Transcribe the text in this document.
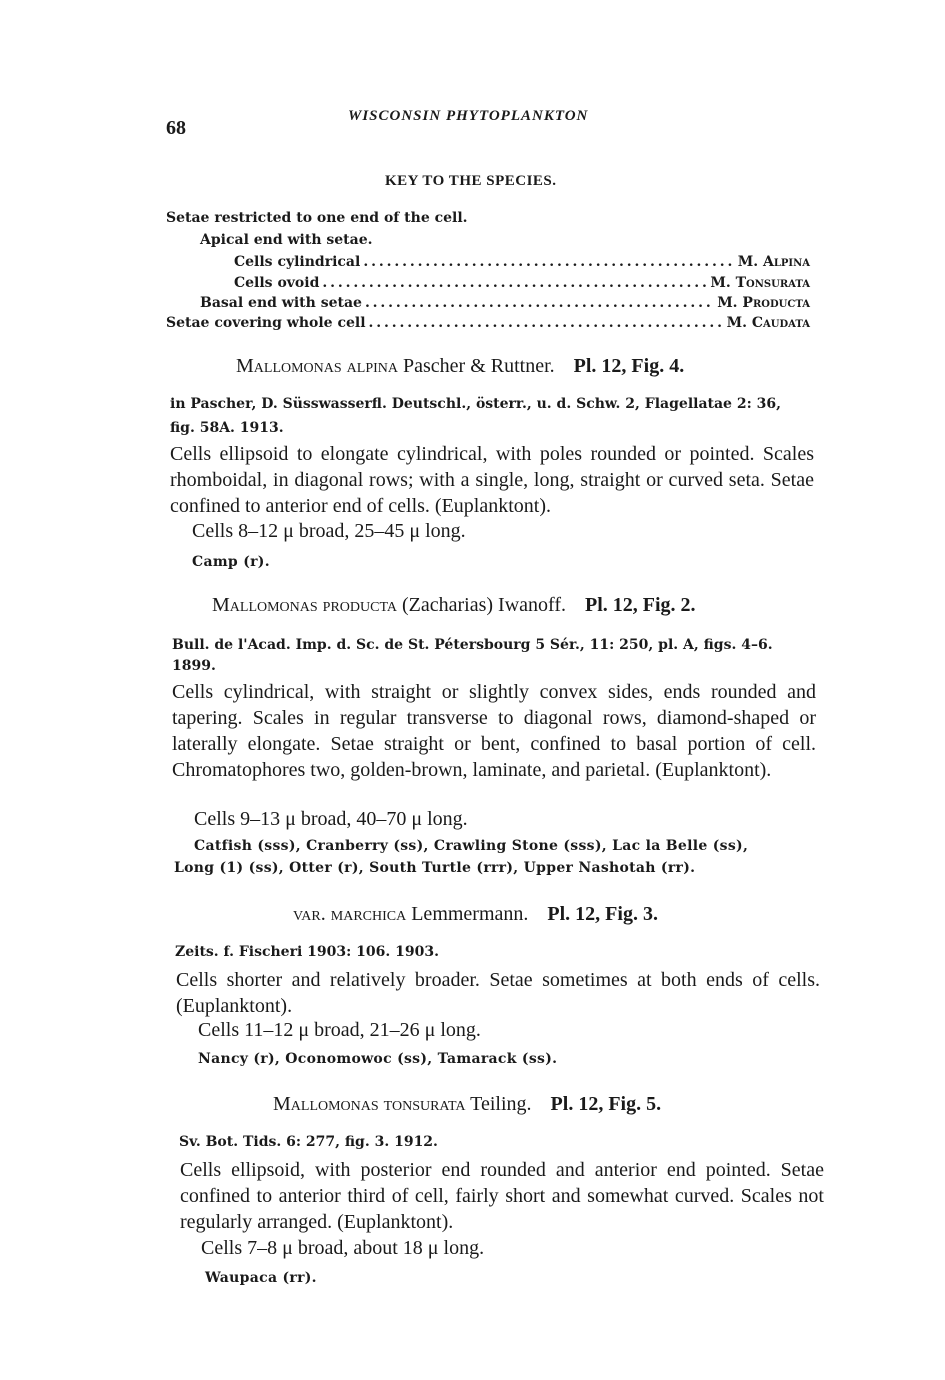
68
WISCONSIN PHYTOPLANKTON
KEY TO THE SPECIES.
Setae restricted to one end of the cell.
Apical end with setae.
Cells cylindrical . . .	M. Alpina
Cells ovoid . . .	M. Tonsurata
Basal end with setae . . .	M. Producta
Setae covering whole cell . . .	M. Caudata
Mallomonas alpina Pascher & Ruttner. Pl. 12, Fig. 4.
in Pascher, D. Süsswasserfl. Deutschl., österr., u. d. Schw. 2, Flagellatae 2: 36,
fig. 58A. 1913.
Cells ellipsoid to elongate cylindrical, with poles rounded or pointed. Scales rhomboidal, in diagonal rows; with a single, long, straight or curved seta. Setae confined to anterior end of cells. (Euplanktont).
Cells 8–12 μ broad, 25–45 μ long.
Camp (r).
Mallomonas producta (Zacharias) Iwanoff. Pl. 12, Fig. 2.
Bull. de l'Acad. Imp. d. Sc. de St. Pétersbourg 5 Sér., 11: 250, pl. A, figs. 4–6.
1899.
Cells cylindrical, with straight or slightly convex sides, ends rounded and tapering. Scales in regular transverse to diagonal rows, diamond-shaped or laterally elongate. Setae straight or bent, confined to basal portion of cell. Chromatophores two, golden-brown, laminate, and parietal. (Euplanktont).
Cells 9–13 μ broad, 40–70 μ long.
Catfish (sss), Cranberry (ss), Crawling Stone (sss), Lac la Belle (ss),
Long (1) (ss), Otter (r), South Turtle (rrr), Upper Nashotah (rr).
var. marchica Lemmermann. Pl. 12, Fig. 3.
Zeits. f. Fischeri 1903: 106. 1903.
Cells shorter and relatively broader. Setae sometimes at both ends of cells. (Euplanktont).
Cells 11–12 μ broad, 21–26 μ long.
Nancy (r), Oconomowoc (ss), Tamarack (ss).
Mallomonas tonsurata Teiling. Pl. 12, Fig. 5.
Sv. Bot. Tids. 6: 277, fig. 3. 1912.
Cells ellipsoid, with posterior end rounded and anterior end pointed. Setae confined to anterior third of cell, fairly short and somewhat curved. Scales not regularly arranged. (Euplanktont).
Cells 7–8 μ broad, about 18 μ long.
Waupaca (rr).
